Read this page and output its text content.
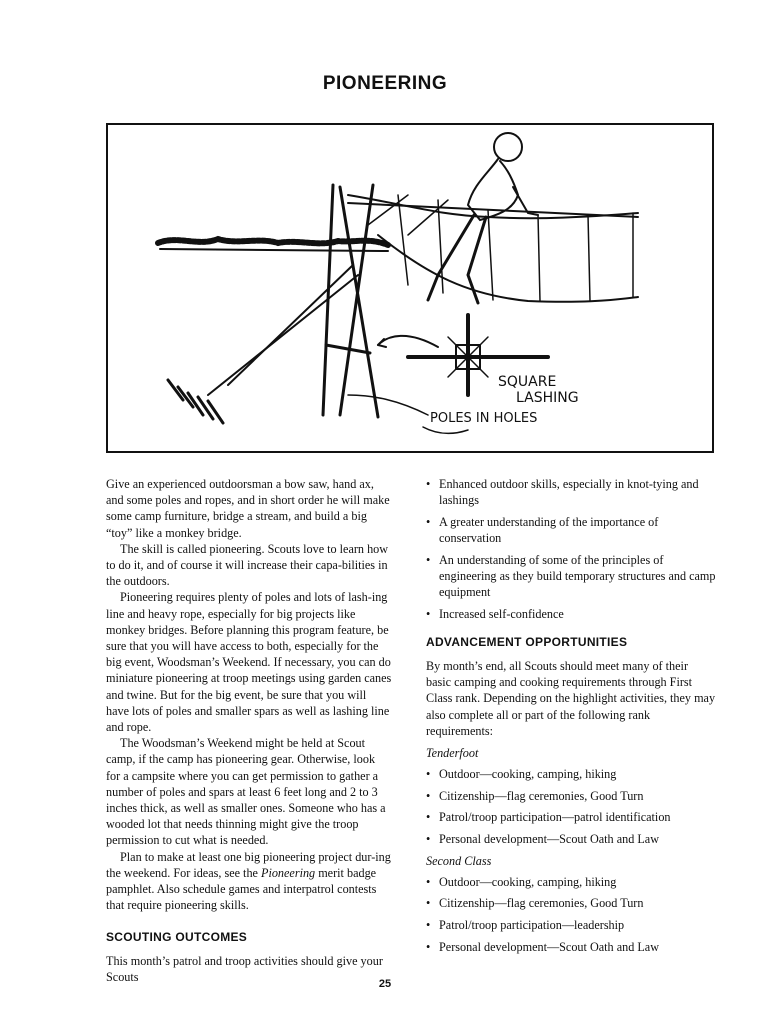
PIONEERING
SQUARE
LASHING
POLES IN HOLES

Give an experienced outdoorsman a bow saw, hand ax, and some poles and ropes, and in short order he will make some camp furniture, bridge a stream, and build a big “toy” like a monkey bridge.

The skill is called pioneering. Scouts love to learn how to do it, and of course it will increase their capa-bilities in the outdoors.

Pioneering requires plenty of poles and lots of lash-ing line and heavy rope, especially for big projects like monkey bridges. Before planning this program feature, be sure that you will have access to both, especially for the big event, Woodsman’s Weekend. If necessary, you can do miniature pioneering at troop meetings using garden canes and twine. But for the big event, be sure that you will have lots of poles and smaller spars as well as lashing line and rope.

The Woodsman’s Weekend might be held at Scout camp, if the camp has pioneering gear. Otherwise, look for a campsite where you can get permission to gather a number of poles and spars at least 6 feet long and 2 to 3 inches thick, as well as smaller ones. Someone who has a wooded lot that needs thinning might give the troop permission to cut what is needed.

Plan to make at least one big pioneering project dur-ing the weekend. For ideas, see the Pioneering merit badge pamphlet. Also schedule games and interpatrol contests that require pioneering skills.

SCOUTING OUTCOMES

This month’s patrol and troop activities should give your Scouts

• Enhanced outdoor skills, especially in knot-tying and lashings
• A greater understanding of the importance of conservation
• An understanding of some of the principles of engineering as they build temporary structures and camp equipment
• Increased self-confidence
ADVANCEMENT OPPORTUNITIES

By month’s end, all Scouts should meet many of their basic camping and cooking requirements through First Class rank. Depending on the highlight activities, they may also complete all or part of the following rank requirements:

Tenderfoot
• Outdoor—cooking, camping, hiking
• Citizenship—flag ceremonies, Good Turn
• Patrol/troop participation—patrol identification
• Personal development—Scout Oath and Law
Second Class
• Outdoor—cooking, camping, hiking
• Citizenship—flag ceremonies, Good Turn
• Patrol/troop participation—leadership
• Personal development—Scout Oath and Law
25
